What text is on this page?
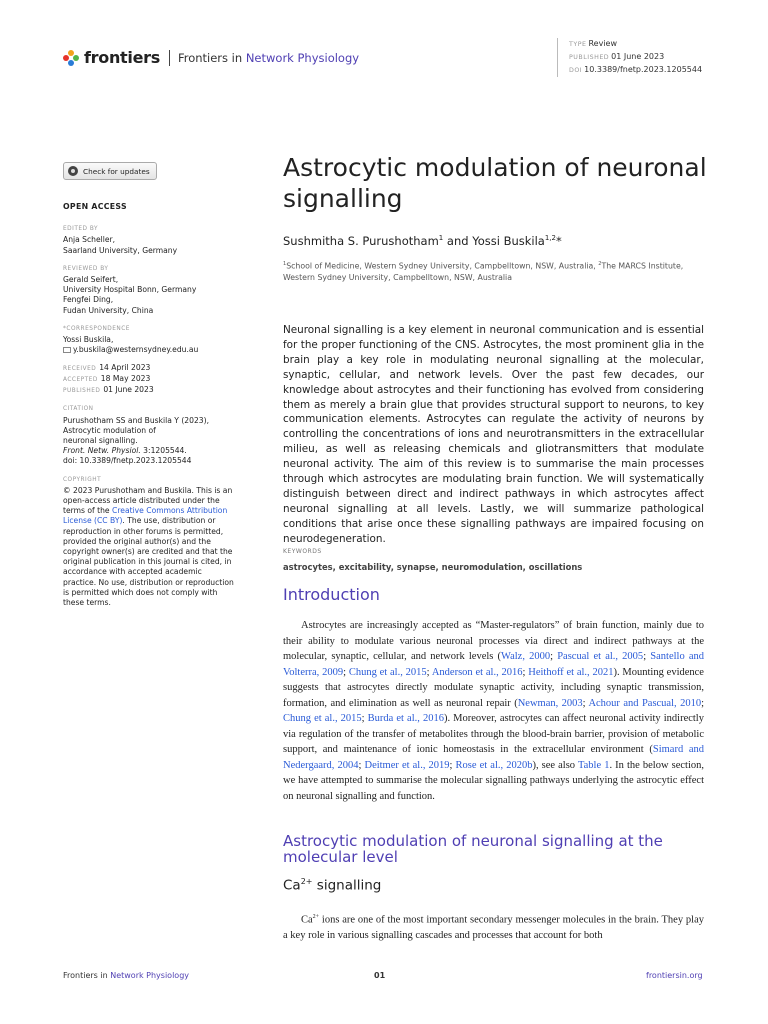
frontiers Frontiers in Network Physiology
TYPE Review
PUBLISHED 01 June 2023
DOI 10.3389/fnetp.2023.1205544
Check for updates
OPEN ACCESS
EDITED BY
Anja Scheller,
Saarland University, Germany
REVIEWED BY
Gerald Seifert,
University Hospital Bonn, Germany
Fengfei Ding,
Fudan University, China
*CORRESPONDENCE
Yossi Buskila,
y.buskila@westernsydney.edu.au
RECEIVED 14 April 2023
ACCEPTED 18 May 2023
PUBLISHED 01 June 2023
CITATION
Purushotham SS and Buskila Y (2023),
Astrocytic modulation of
neuronal signalling.
Front. Netw. Physiol. 3:1205544.
doi: 10.3389/fnetp.2023.1205544
COPYRIGHT
© 2023 Purushotham and Buskila. This is an open-access article distributed under the terms of the Creative Commons Attribution License (CC BY). The use, distribution or reproduction in other forums is permitted, provided the original author(s) and the copyright owner(s) are credited and that the original publication in this journal is cited, in accordance with accepted academic practice. No use, distribution or reproduction is permitted which does not comply with these terms.
Astrocytic modulation of neuronal signalling
Sushmitha S. Purushotham$^1$ and Yossi Buskila$^{1,2}$*
$^1$School of Medicine, Western Sydney University, Campbelltown, NSW, Australia, $^2$The MARCS Institute, Western Sydney University, Campbelltown, NSW, Australia

Neuronal signalling is a key element in neuronal communication and is essential for the proper functioning of the CNS. Astrocytes, the most prominent glia in the brain play a key role in modulating neuronal signalling at the molecular, synaptic, cellular, and network levels. Over the past few decades, our knowledge about astrocytes and their functioning has evolved from considering them as merely a brain glue that provides structural support to neurons, to key communication elements. Astrocytes can regulate the activity of neurons by controlling the concentrations of ions and neurotransmitters in the extracellular milieu, as well as releasing chemicals and gliotransmitters that modulate neuronal activity. The aim of this review is to summarise the main processes through which astrocytes are modulating brain function. We will systematically distinguish between direct and indirect pathways in which astrocytes affect neuronal signalling at all levels. Lastly, we will summarize pathological conditions that arise once these signalling pathways are impaired focusing on neurodegeneration.

KEYWORDS
astrocytes, excitability, synapse, neuromodulation, oscillations
Introduction

Astrocytes are increasingly accepted as “Master-regulators” of brain function, mainly due to their ability to modulate various neuronal processes via direct and indirect pathways at the molecular, synaptic, cellular, and network levels (Walz, 2000; Pascual et al., 2005; Santello and Volterra, 2009; Chung et al., 2015; Anderson et al., 2016; Heithoff et al., 2021). Mounting evidence suggests that astrocytes directly modulate synaptic activity, including synaptic transmission, formation, and elimination as well as neuronal repair (Newman, 2003; Achour and Pascual, 2010; Chung et al., 2015; Burda et al., 2016). Moreover, astrocytes can affect neuronal activity indirectly via regulation of the transfer of metabolites through the blood-brain barrier, provision of metabolic support, and maintenance of ionic homeostasis in the extracellular environment (Simard and Nedergaard, 2004; Deitmer et al., 2019; Rose et al., 2020b), see also Table 1. In the below section, we have attempted to summarise the molecular signalling pathways underlying the astrocytic effect on neuronal signalling and function.

Astrocytic modulation of neuronal signalling at the molecular level
$Ca^{2+}$ signalling

$Ca^{2+}$ ions are one of the most important secondary messenger molecules in the brain. They play a key role in various signalling cascades and processes that account for both

Frontiers in Network Physiology	01	frontiersin.org
